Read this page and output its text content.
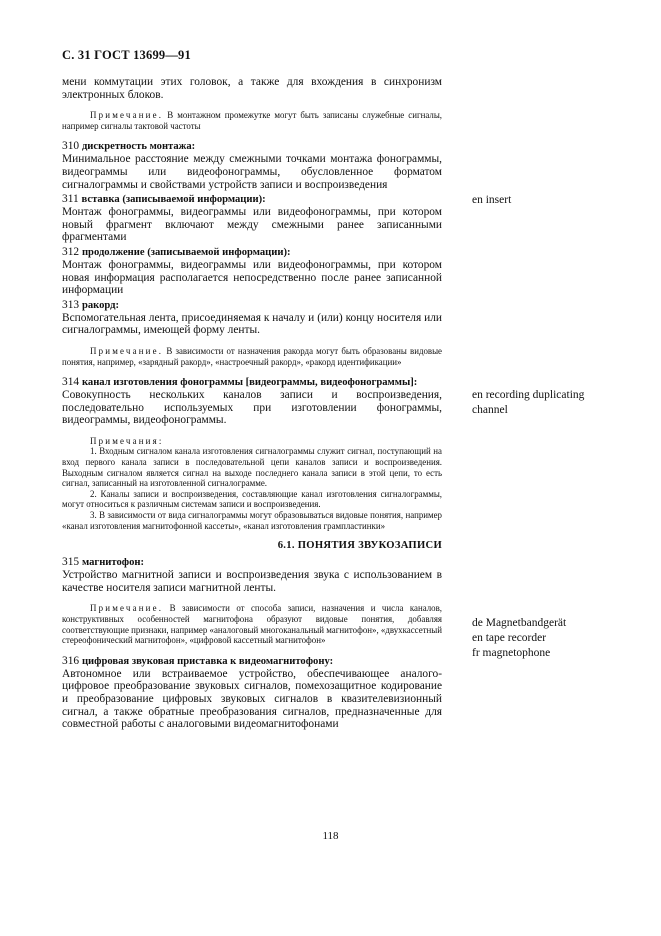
С. 31 ГОСТ 13699—91

мени коммутации этих головок, а также для вхождения в синхронизм электронных блоков.

Примечание. В монтажном промежутке могут быть записаны служебные сигналы, например сигналы тактовой частоты

310 дискретность монтажа:

Минимальное расстояние между смежными точками монтажа фонограммы, видеограммы или видеофонограммы, обусловленное форматом сигналограммы и свойствами устройств записи и воспроизведения

311 вставка (записываемой информации):

Монтаж фонограммы, видеограммы или видеофонограммы, при котором новый фрагмент включают между смежными ранее записанными фрагментами

312 продолжение (записываемой информации):

Монтаж фонограммы, видеограммы или видеофонограммы, при котором новая информация располагается непосредственно после ранее записанной информации

313 ракорд:

Вспомогательная лента, присоединяемая к началу и (или) концу носителя или сигналограммы, имеющей форму ленты.

Примечание. В зависимости от назначения ракорда могут быть образованы видовые понятия, например, «зарядный ракорд», «настроечный ракорд», «ракорд идентификации»

314 канал изготовления фонограммы [видеограммы, видеофонограммы]:

Совокупность нескольких каналов записи и воспроизведения, последовательно используемых при изготовлении фонограммы, видеограммы, видеофонограммы.

Примечания:
1. Входным сигналом канала изготовления сигналограммы служит сигнал, поступающий на вход первого канала записи в последовательной цепи каналов записи и воспроизведения. Выходным сигналом является сигнал на выходе последнего канала записи в этой цепи, то есть сигнал, записанный на изготовленной сигналограмме.
2. Каналы записи и воспроизведения, составляющие канал изготовления сигналограммы, могут относиться к различным системам записи и воспроизведения.
3. В зависимости от вида сигналограммы могут образовываться видовые понятия, например «канал изготовления магнитофонной кассеты», «канал изготовления грампластинки»
6.1. ПОНЯТИЯ ЗВУКОЗАПИСИ

315 магнитофон:

Устройство магнитной записи и воспроизведения звука с использованием в качестве носителя записи магнитной ленты.

Примечание. В зависимости от способа записи, назначения и числа каналов, конструктивных особенностей магнитофона образуют видовые понятия, добавляя соответствующие признаки, например «аналоговый многоканальный магнитофон», «двухкассетный стереофонический магнитофон», «цифровой кассетный магнитофон»

316 цифровая звуковая приставка к видеомагнитофону:

Автономное или встраиваемое устройство, обеспечивающее аналого-цифровое преобразование звуковых сигналов, помехозащитное кодирование и преобразование цифровых звуковых сигналов в квазителевизионный сигнал, а также обратные преобразования сигналов, предназначенные для совместной работы с аналоговыми видеомагнитофонами

en insert
en recording duplicating
channel
de Magnetbandgerät
en tape recorder
fr magnetophone
118
